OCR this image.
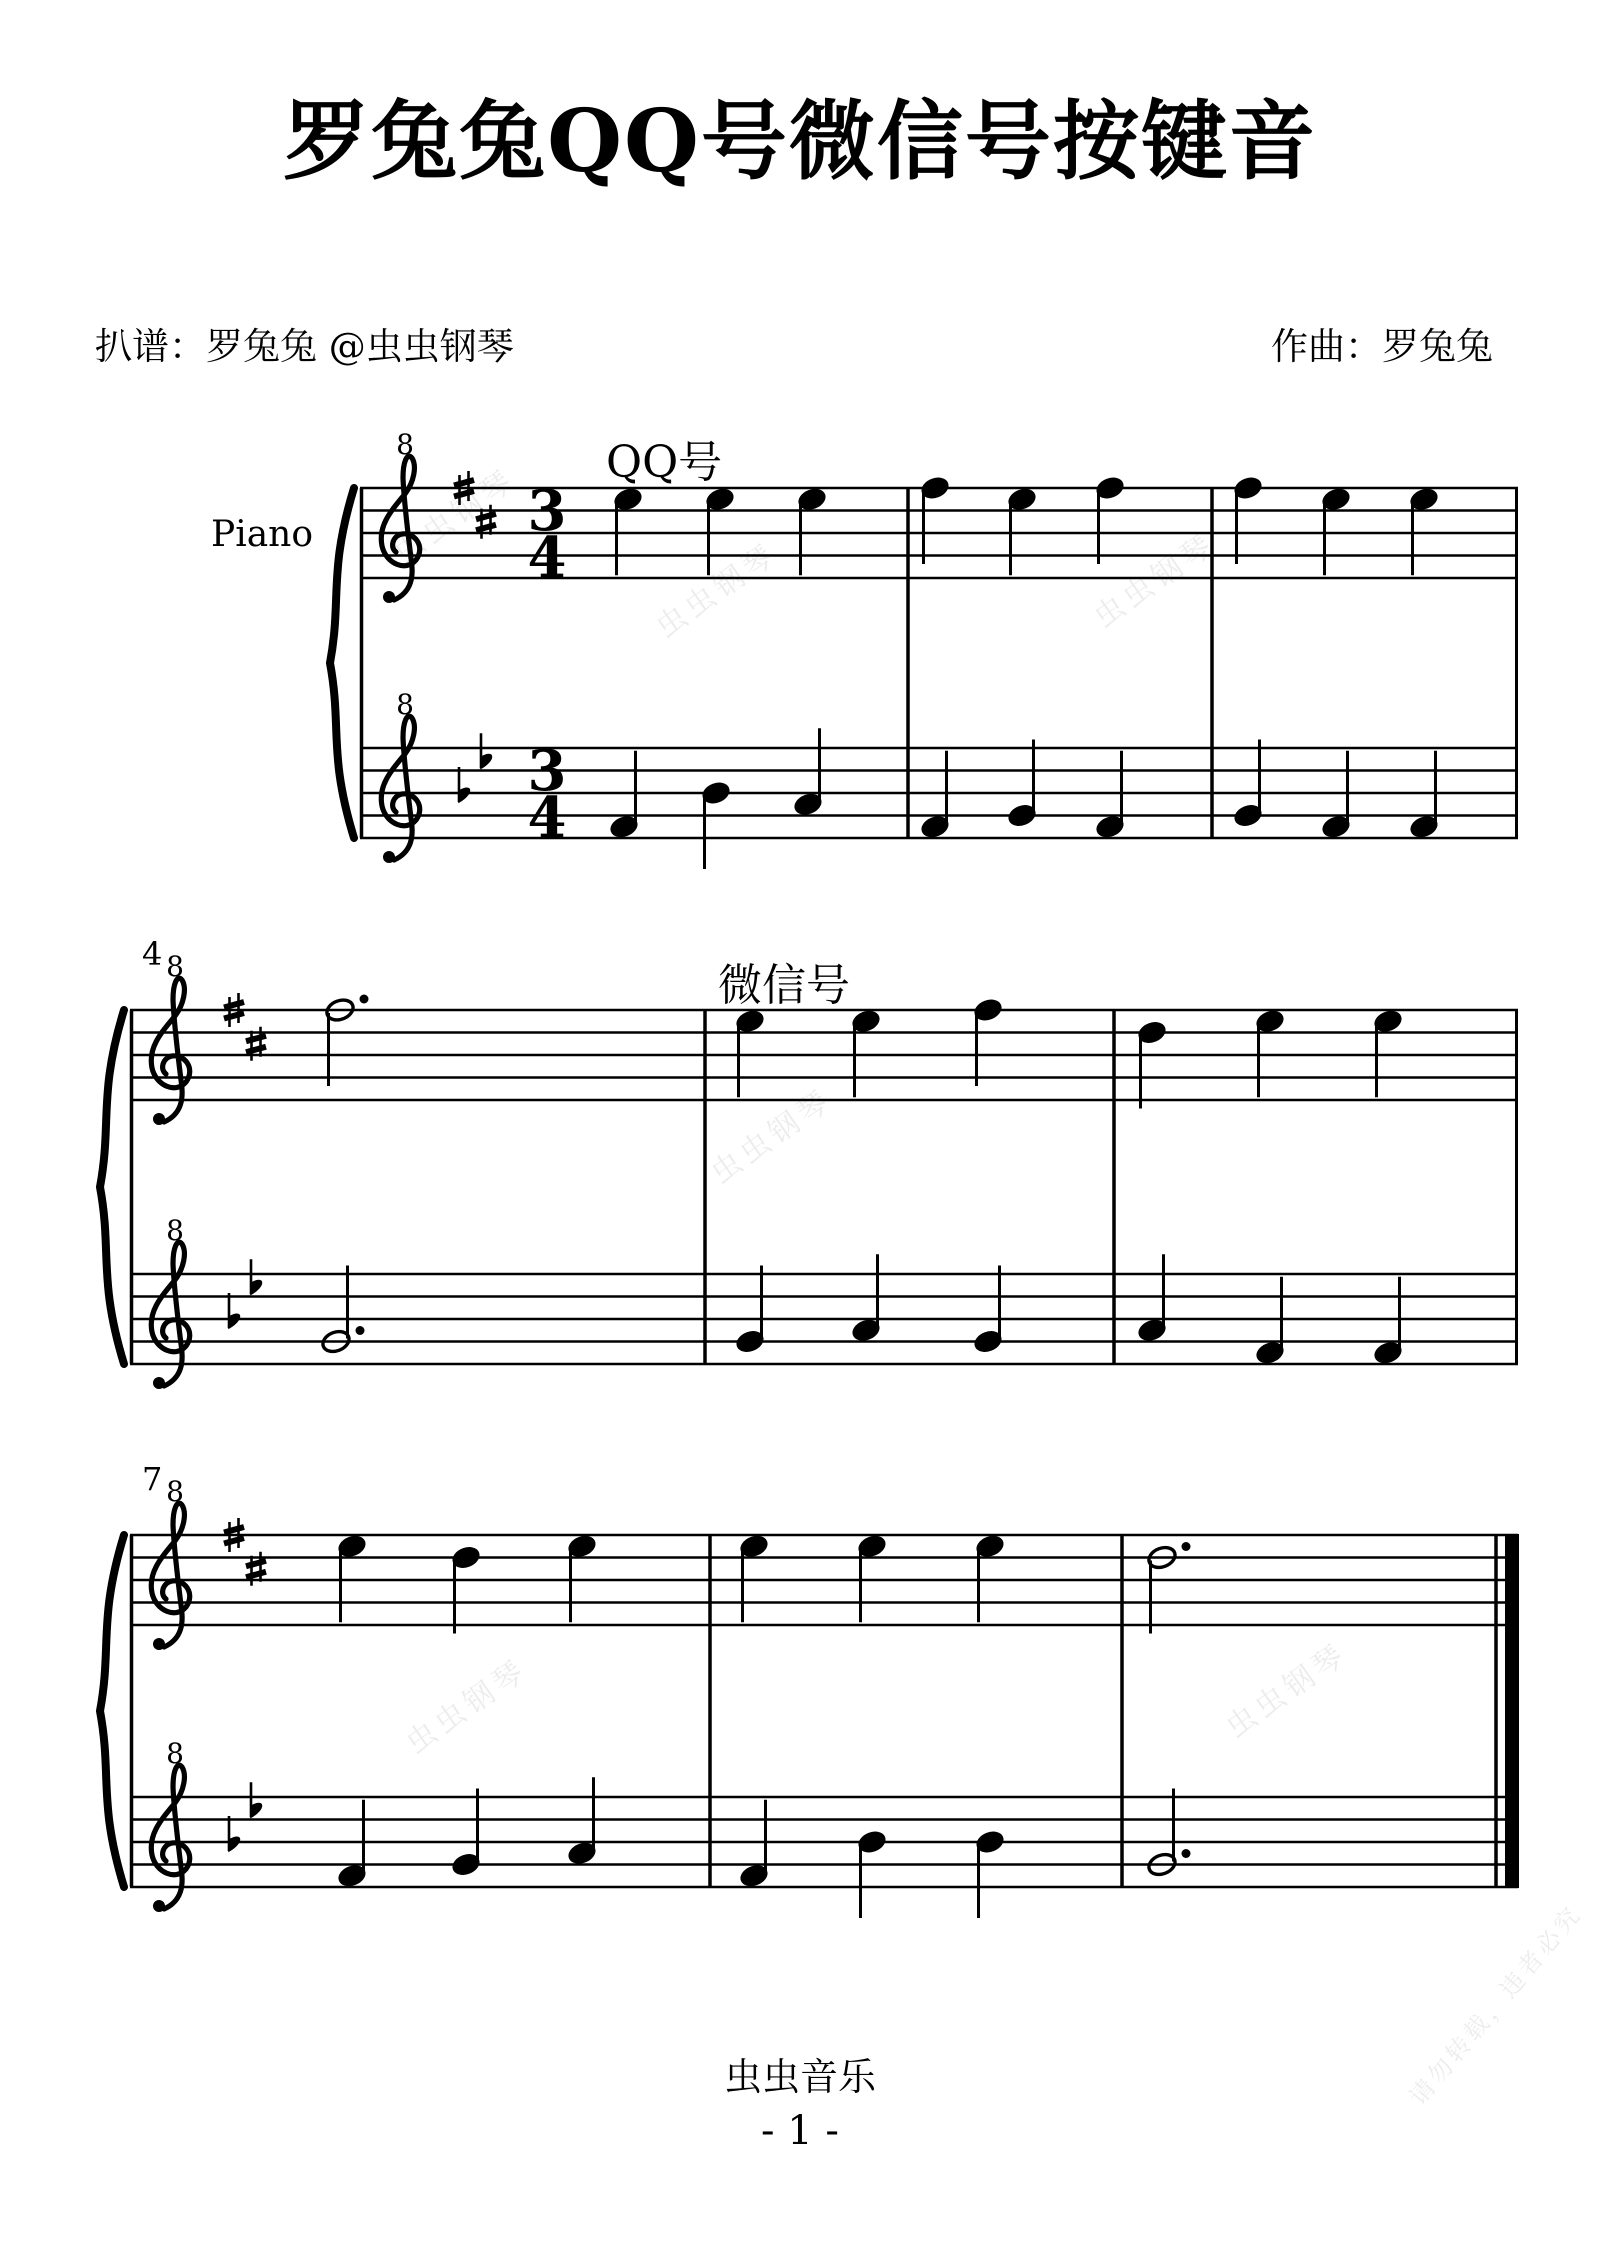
罗兔兔QQ号微信号按键音
扒谱：罗兔兔 @虫虫钢琴	作曲：罗兔兔
8
3
4
8
3
4
Piano
QQ号
8
8
4
微信号
8
8
7
虫虫钢琴
虫虫钢琴	虫虫钢琴
虫虫钢琴
虫虫钢琴	虫虫钢琴
请勿转载，违者必究
虫虫音乐
- 1 -
